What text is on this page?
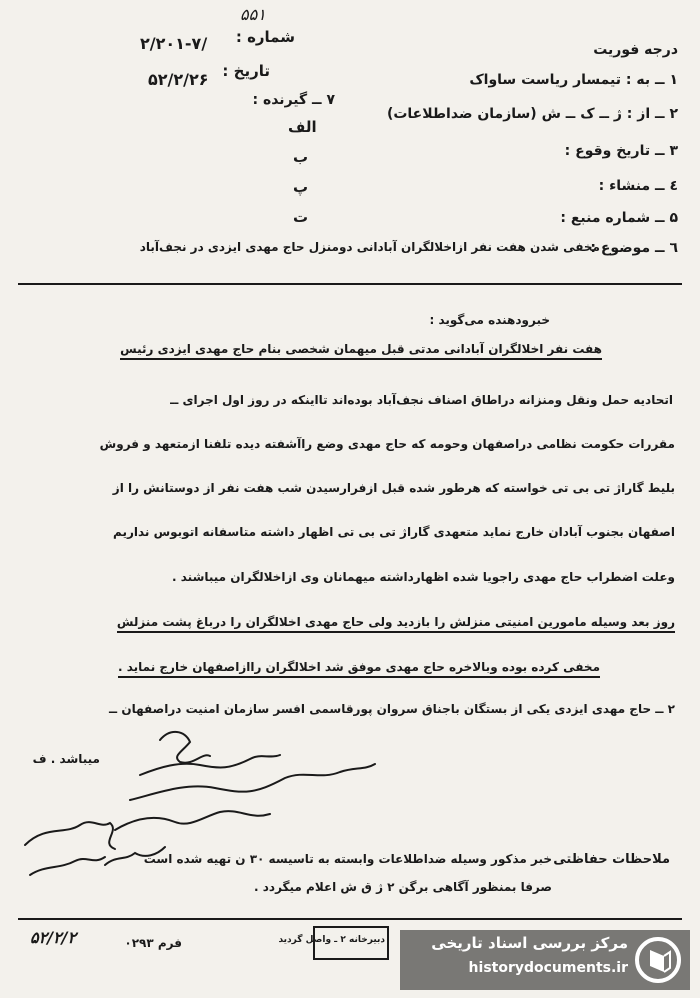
شماره :
۲/۲۰۱-۷/
۵۵۱
تاریخ :
۵۲/۲/۲۶
درجه فوریت
۱ ــ به : تیمسار ریاست ساواک
۲ ــ از : ژ ــ ک ــ ش (سازمان ضداطلاعات)
۳ ــ تاریخ وقوع :
٤ ــ منشاء :
۵ ــ شماره منبع :
٦ ــ موضوع :
مخفی شدن هفت نفر ازاخلالگران آبادانی دومنزل حاج مهدی ایزدی در نجف‌آباد
۷ ــ گیرنده :
الف
ب
پ
ت
خبرودهنده می‌گوید :
هفت نفر اخلالگران آبادانی مدتی قبل میهمان شخصی بنام حاج مهدی ایزدی رئیس
اتحادیه حمل ونقل ومنزانه دراطاق اصناف نجف‌آباد بوده‌اند تااینکه در روز اول اجرای ــ
مقررات حکومت نظامی دراصفهان وحومه که حاج مهدی وضع راآشفته دیده تلفنا ازمتعهد و فروش
بلیط گاراژ تی بی تی خواسته که هرطور شده قبل ازفرارسیدن شب هفت نفر از دوستانش را از
اصفهان بجنوب آبادان خارج نماید متعهدی گاراژ تی بی تی اظهار داشته متاسفانه اتوبوس نداریم
وعلت اضطراب حاج مهدی راجویا شده اظهارداشته میهمانان وی ازاخلالگران میباشند .
روز بعد وسیله مامورین امنیتی منزلش را بازدید ولی حاج مهدی اخلالگران را درباغ پشت منزلش
مخفی کرده بوده وبالاخره حاج مهدی موفق شد اخلالگران راازاصفهان خارج نماید .
۲ ــ حاج مهدی ایزدی یکی از بستگان باجناق سروان پورقاسمی افسر سازمان امنیت دراصفهان ــ
میباشد . ف
ملاحظات حفاظتی
خبر مذکور وسیله ضداطلاعات وابسته به تاسیسه ۳۰ ن تهیه شده است
صرفا بمنظور آگاهی برگن ۲ ژ ق ش اعلام میگردد .
فرم ۰۲۹۳
۵۲/۲/۲	دبیرخانه ۲ ـ واصل گردید	مرکز بررسی اسناد تاریخی
historydocuments.ir
